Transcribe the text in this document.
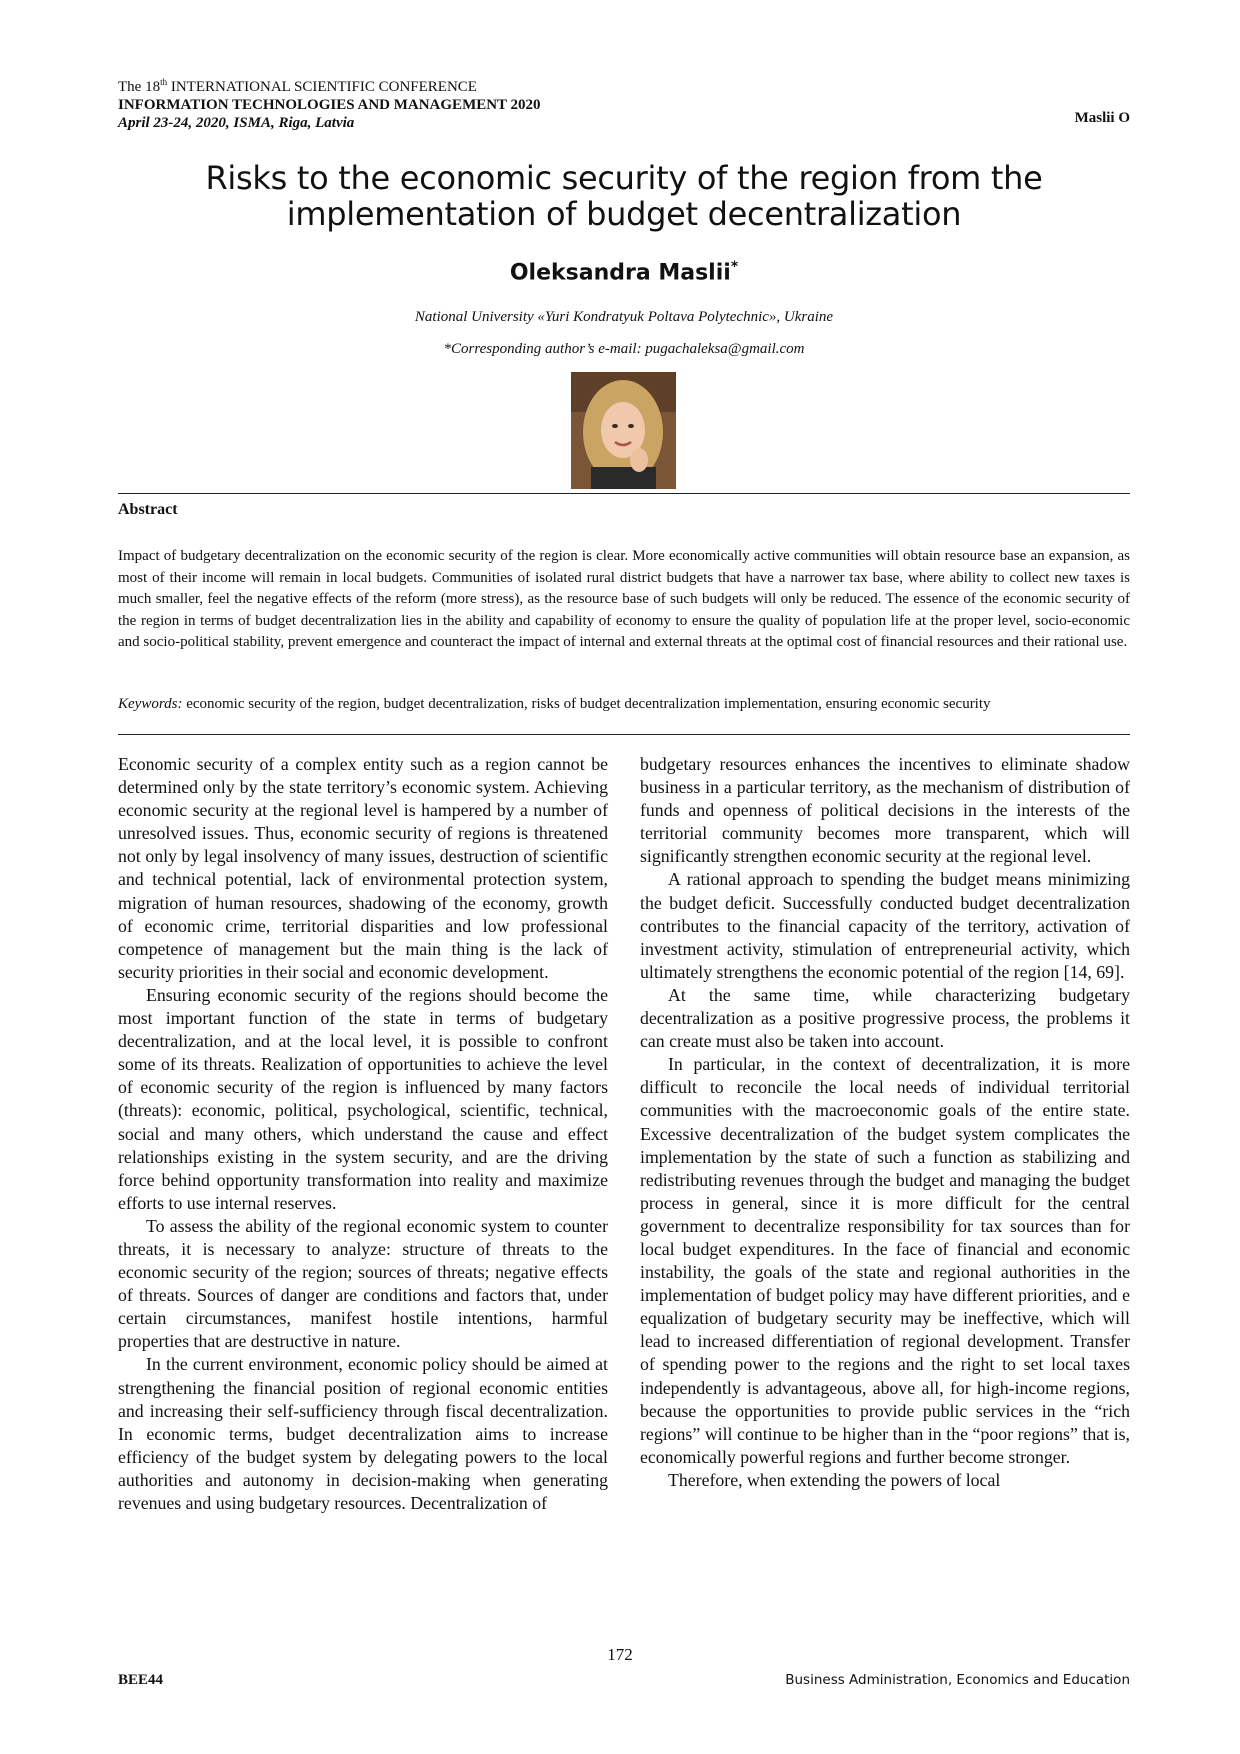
The 18th INTERNATIONAL SCIENTIFIC CONFERENCE
INFORMATION TECHNOLOGIES AND MANAGEMENT 2020
April 23-24, 2020, ISMA, Riga, Latvia	Maslii O
Risks to the economic security of the region from the
implementation of budget decentralization
Oleksandra Maslii*
National University «Yuri Kondratyuk Poltava Polytechnic», Ukraine
*Corresponding author’s e-mail: pugachaleksa@gmail.com
Abstract
Impact of budgetary decentralization on the economic security of the region is clear. More economically active communities will obtain resource base an expansion, as most of their income will remain in local budgets. Communities of isolated rural district budgets that have a narrower tax base, where ability to collect new taxes is much smaller, feel the negative effects of the reform (more stress), as the resource base of such budgets will only be reduced. The essence of the economic security of the region in terms of budget decentralization lies in the ability and capability of economy to ensure the quality of population life at the proper level, socio-economic and socio-political stability, prevent emergence and counteract the impact of internal and external threats at the optimal cost of financial resources and their rational use.
Keywords: economic security of the region, budget decentralization, risks of budget decentralization implementation, ensuring economic security

Economic security of a complex entity such as a region cannot be determined only by the state territory’s economic system. Achieving economic security at the regional level is hampered by a number of unresolved issues. Thus, economic security of regions is threatened not only by legal insolvency of many issues, destruction of scientific and technical potential, lack of environmental protection system, migration of human resources, shadowing of the economy, growth of economic crime, territorial disparities and low professional competence of management but the main thing is the lack of security priorities in their social and economic development.

Ensuring economic security of the regions should become the most important function of the state in terms of budgetary decentralization, and at the local level, it is possible to confront some of its threats. Realization of opportunities to achieve the level of economic security of the region is influenced by many factors (threats): economic, political, psychological, scientific, technical, social and many others, which understand the cause and effect relationships existing in the system security, and are the driving force behind opportunity transformation into reality and maximize efforts to use internal reserves.

To assess the ability of the regional economic system to counter threats, it is necessary to analyze: structure of threats to the economic security of the region; sources of threats; negative effects of threats. Sources of danger are conditions and factors that, under certain circumstances, manifest hostile intentions, harmful properties that are destructive in nature.

In the current environment, economic policy should be aimed at strengthening the financial position of regional economic entities and increasing their self-sufficiency through fiscal decentralization. In economic terms, budget decentralization aims to increase efficiency of the budget system by delegating powers to the local authorities and autonomy in decision-making when generating revenues and using budgetary resources. Decentralization of

budgetary resources enhances the incentives to eliminate shadow business in a particular territory, as the mechanism of distribution of funds and openness of political decisions in the interests of the territorial community becomes more transparent, which will significantly strengthen economic security at the regional level.

A rational approach to spending the budget means minimizing the budget deficit. Successfully conducted budget decentralization contributes to the financial capacity of the territory, activation of investment activity, stimulation of entrepreneurial activity, which ultimately strengthens the economic potential of the region [14, 69].

At the same time, while characterizing budgetary decentralization as a positive progressive process, the problems it can create must also be taken into account.

In particular, in the context of decentralization, it is more difficult to reconcile the local needs of individual territorial communities with the macroeconomic goals of the entire state. Excessive decentralization of the budget system complicates the implementation by the state of such a function as stabilizing and redistributing revenues through the budget and managing the budget process in general, since it is more difficult for the central government to decentralize responsibility for tax sources than for local budget expenditures. In the face of financial and economic instability, the goals of the state and regional authorities in the implementation of budget policy may have different priorities, and e equalization of budgetary security may be ineffective, which will lead to increased differentiation of regional development. Transfer of spending power to the regions and the right to set local taxes independently is advantageous, above all, for high-income regions, because the opportunities to provide public services in the “rich regions” will continue to be higher than in the “poor regions” that is, economically powerful regions and further become stronger.

Therefore, when extending the powers of local

172
BEE44	Business Administration, Economics and Education
